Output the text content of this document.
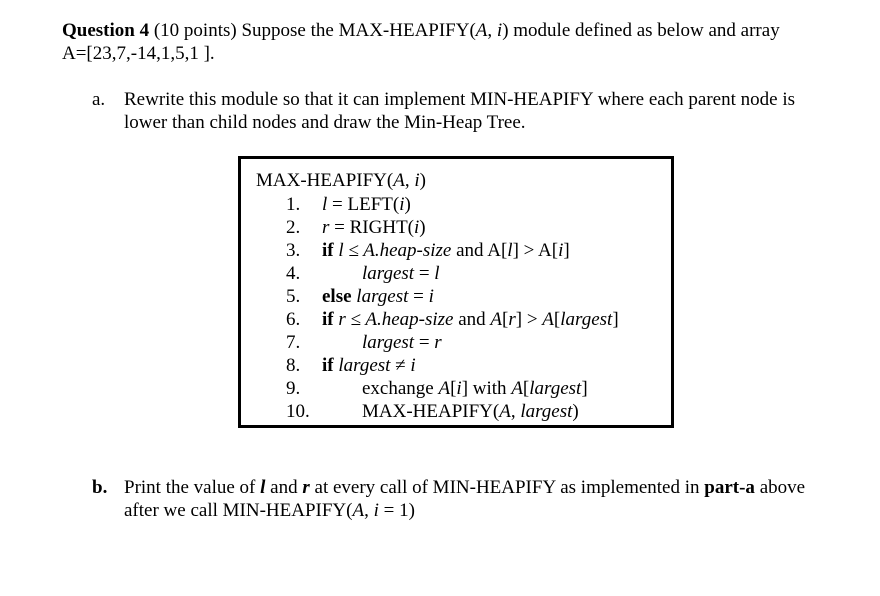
Question 4 (10 points) Suppose the MAX-HEAPIFY(A, i) module defined as below and array
A=[23,7,-14,1,5,1 ].
a. Rewrite this module so that it can implement MIN-HEAPIFY where each parent node is
lower than child nodes and draw the Min-Heap Tree.
MAX-HEAPIFY(A, i)
1. l = LEFT(i)
2. r = RIGHT(i)
3. if l ≤ A.heap-size and A[l] > A[i]
4.	largest = l
5. else largest = i
6. if r ≤ A.heap-size and A[r] > A[largest]
7.	largest = r
8. if largest ≠ i
9.	exchange A[i] with A[largest]
10.	MAX-HEAPIFY(A, largest)
b. Print the value of l and r at every call of MIN-HEAPIFY as implemented in part-a above
after we call MIN-HEAPIFY(A, i = 1)
